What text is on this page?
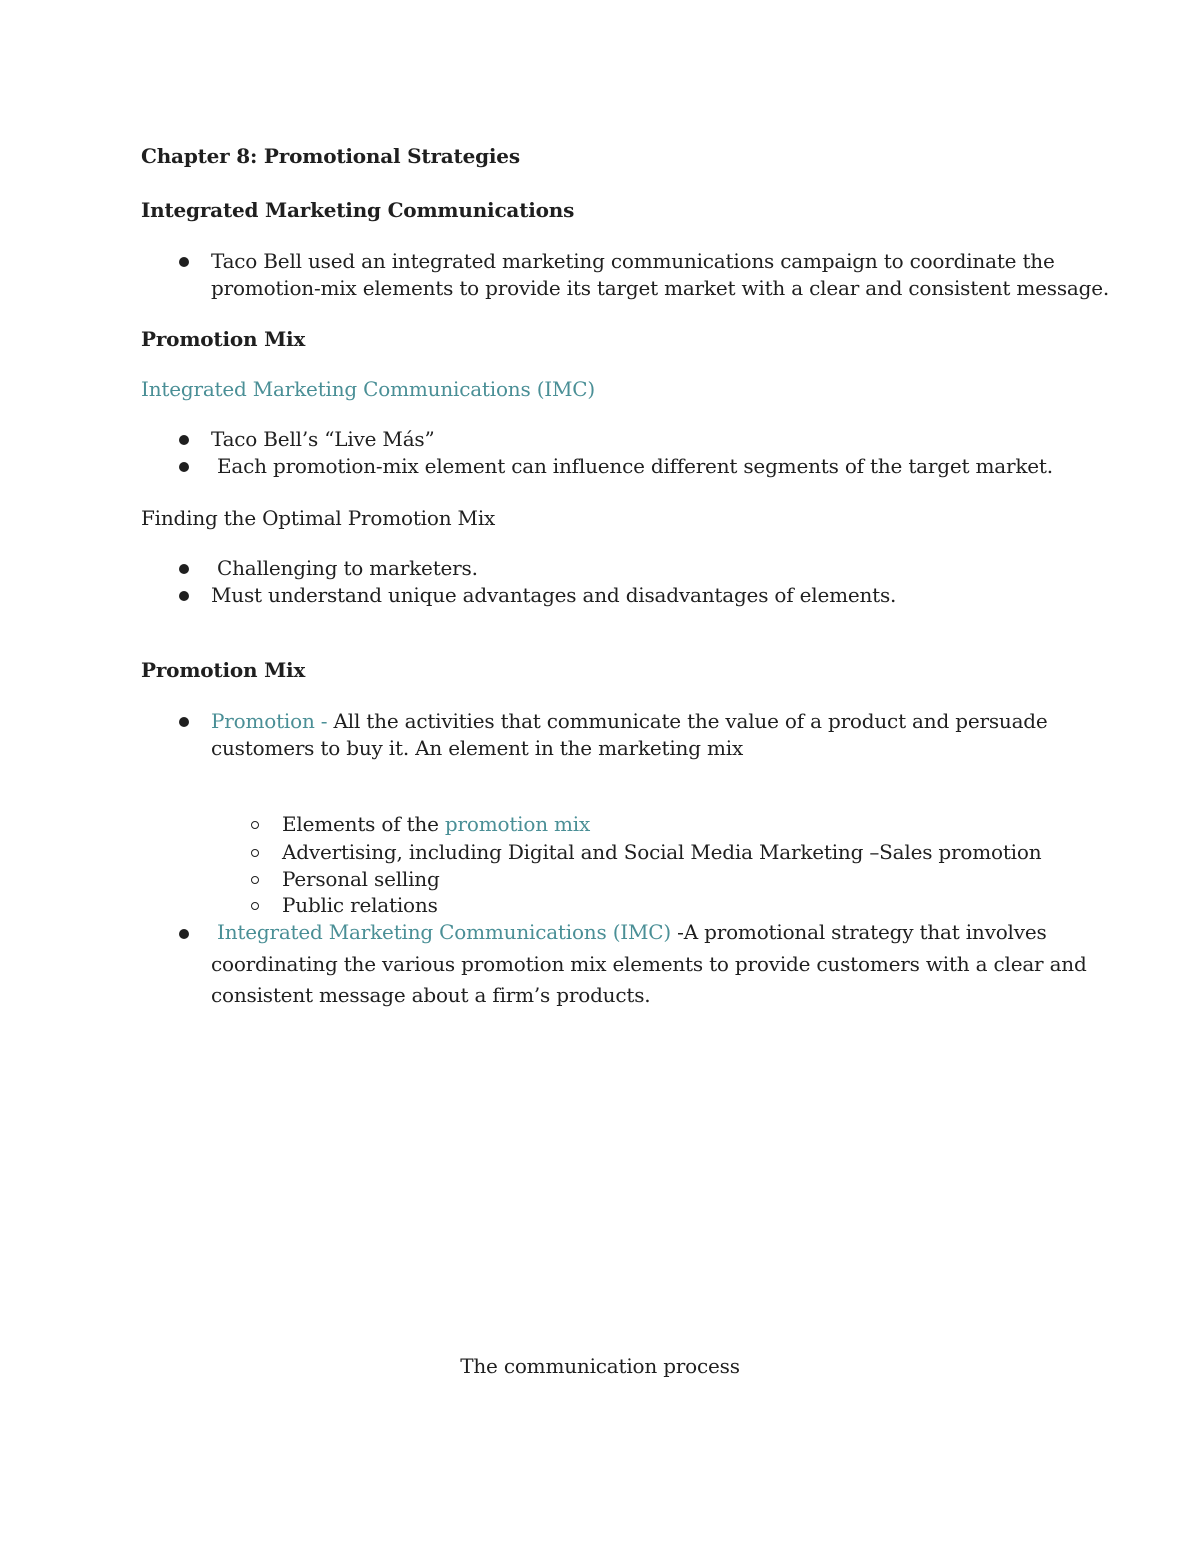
Chapter 8: Promotional Strategies
Integrated Marketing Communications
Taco Bell used an integrated marketing communications campaign to coordinate the
promotion-mix elements to provide its target market with a clear and consistent message.
Promotion Mix
Integrated Marketing Communications (IMC)
Taco Bell’s “Live Más”
Each promotion-mix element can influence different segments of the target market.
Finding the Optimal Promotion Mix
Challenging to marketers.
Must understand unique advantages and disadvantages of elements.
Promotion Mix
Promotion - All the activities that communicate the value of a product and persuade
customers to buy it. An element in the marketing mix
Elements of the promotion mix
Advertising, including Digital and Social Media Marketing –Sales promotion
Personal selling
Public relations
Integrated Marketing Communications (IMC) -A promotional strategy that involves
coordinating the various promotion mix elements to provide customers with a clear and
consistent message about a firm’s products.
The communication process
